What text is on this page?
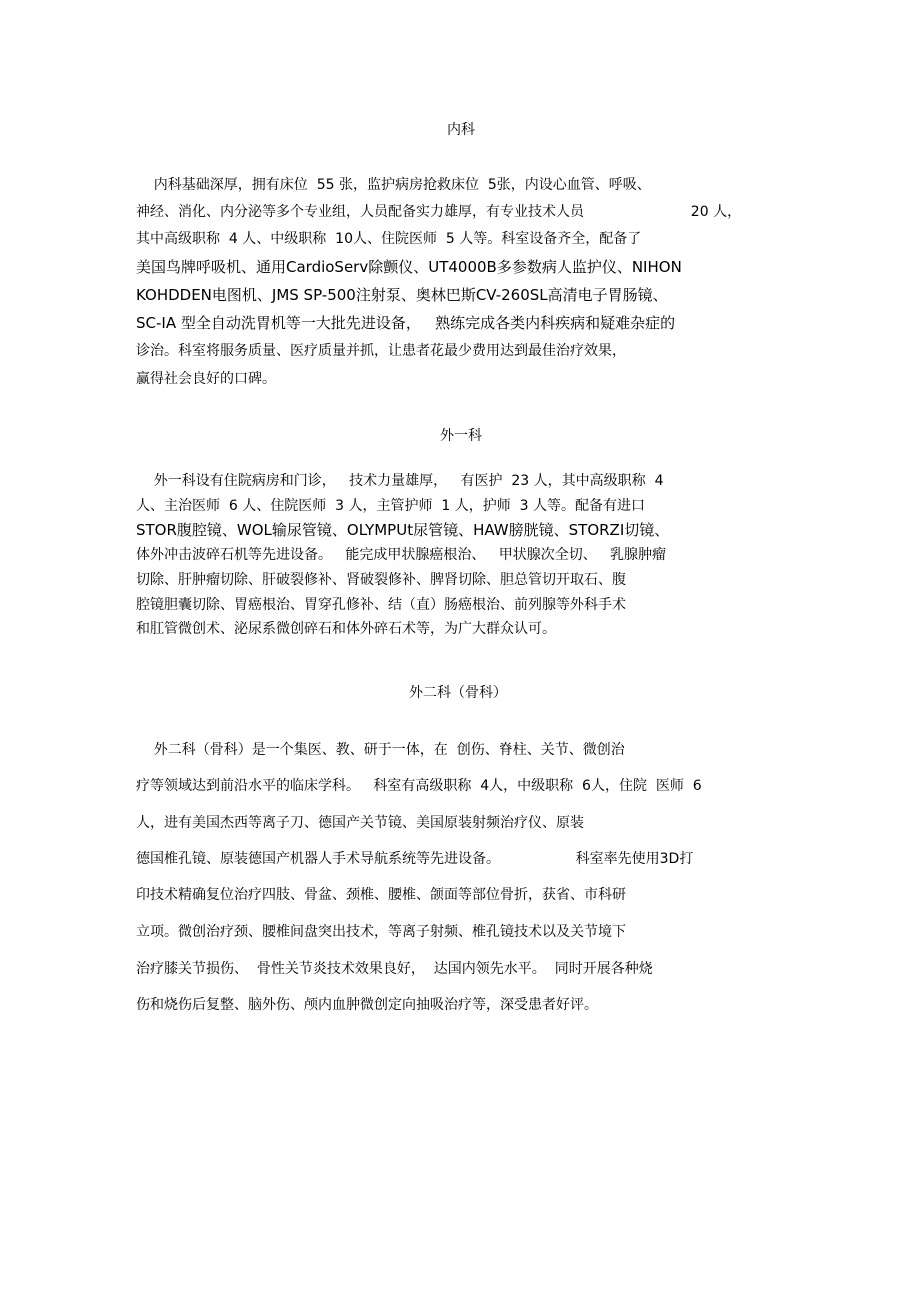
内科
内科基础深厚，拥有床位  55 张，监护病房抢救床位  5张，内设心血管、呼吸、
神经、消化、内分泌等多个专业组，人员配备实力雄厚，有专业技术人员                        20 人，
其中高级职称  4 人、中级职称  10人、住院医师  5 人等。科室设备齐全，配备了
美国鸟牌呼吸机、通用CardioServ除颤仪、UT4000B多参数病人监护仪、NIHON
KOHDDEN电图机、JMS SP-500注射泵、奥林巴斯CV-260SL高清电子胃肠镜、
SC-IA 型全自动洗胃机等一大批先进设备，   熟练完成各类内科疾病和疑难杂症的
诊治。科室将服务质量、医疗质量并抓，让患者花最少费用达到最佳治疗效果，
赢得社会良好的口碑。
外一科
外一科设有住院病房和门诊，   技术力量雄厚，   有医护  23 人，其中高级职称  4
人、主治医师  6 人、住院医师  3 人，主管护师  1 人，护师  3 人等。配备有进口
STOR腹腔镜、WOL输尿管镜、OLYMPUt尿管镜、HAW膀胱镜、STORZI切镜、
体外冲击波碎石机等先进设备。   能完成甲状腺癌根治、   甲状腺次全切、   乳腺肿瘤
切除、肝肿瘤切除、肝破裂修补、肾破裂修补、脾肾切除、胆总管切开取石、腹
腔镜胆囊切除、胃癌根治、胃穿孔修补、结（直）肠癌根治、前列腺等外科手术
和肛管微创术、泌尿系微创碎石和体外碎石术等，为广大群众认可。
外二科（骨科）
外二科（骨科）是一个集医、教、研于一体，在  创伤、脊柱、关节、微创治
疗等领域达到前沿水平的临床学科。   科室有高级职称  4人，中级职称  6人，住院  医师  6
人，进有美国杰西等离子刀、德国产关节镜、美国原装射频治疗仪、原装
德国椎孔镜、原装德国产机器人手术导航系统等先进设备。                 科室率先使用3D打
印技术精确复位治疗四肢、骨盆、颈椎、腰椎、颌面等部位骨折，获省、市科研
立项。微创治疗颈、腰椎间盘突出技术，等离子射频、椎孔镜技术以及关节境下
治疗膝关节损伤、  骨性关节炎技术效果良好，  达国内领先水平。  同时开展各种烧
伤和烧伤后复整、脑外伤、颅内血肿微创定向抽吸治疗等，深受患者好评。
